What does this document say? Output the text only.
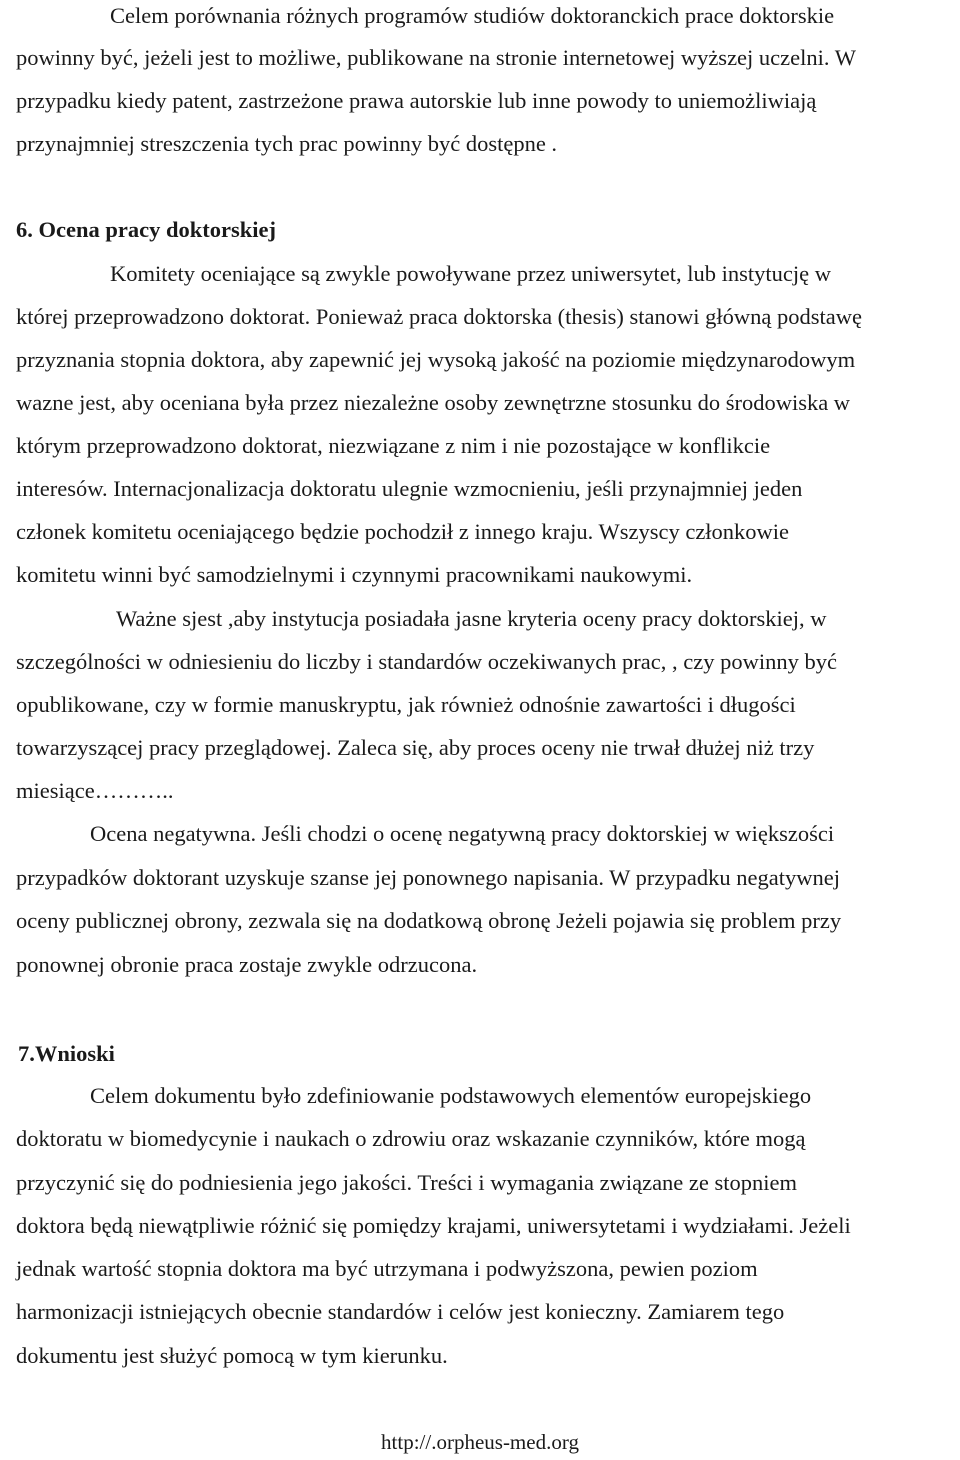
Celem porównania różnych programów studiów doktoranckich prace doktorskie
powinny być, jeżeli jest to możliwe, publikowane na stronie internetowej wyższej uczelni. W
przypadku kiedy patent, zastrzeżone prawa autorskie lub inne powody to uniemożliwiają
przynajmniej streszczenia tych prac powinny być dostępne .
6. Ocena pracy doktorskiej
Komitety oceniające są zwykle powoływane przez uniwersytet, lub instytucję w
której przeprowadzono doktorat. Ponieważ praca doktorska (thesis) stanowi główną podstawę
przyznania stopnia doktora, aby zapewnić jej wysoką jakość na poziomie międzynarodowym
wazne jest, aby oceniana była przez niezależne osoby zewnętrzne stosunku do środowiska w
którym przeprowadzono doktorat, niezwiązane z nim i nie pozostające w konflikcie
interesów. Internacjonalizacja doktoratu ulegnie wzmocnieniu, jeśli przynajmniej jeden
członek komitetu oceniającego będzie pochodził z innego kraju. Wszyscy członkowie
komitetu winni być samodzielnymi i czynnymi pracownikami naukowymi.
Ważne sjest ,aby instytucja posiadała jasne kryteria oceny pracy doktorskiej, w
szczególności w odniesieniu do liczby i standardów oczekiwanych prac, , czy powinny być
opublikowane, czy w formie manuskryptu, jak również odnośnie zawartości i długości
towarzyszącej pracy przeglądowej. Zaleca się, aby proces oceny nie trwał dłużej niż trzy
miesiące………..
Ocena negatywna. Jeśli chodzi o ocenę negatywną pracy doktorskiej w większości
przypadków doktorant uzyskuje szanse jej ponownego napisania. W przypadku negatywnej
oceny publicznej obrony, zezwala się na dodatkową obronę Jeżeli pojawia się problem przy
ponownej obronie praca zostaje zwykle odrzucona.
7.Wnioski
Celem dokumentu było zdefiniowanie podstawowych elementów europejskiego
doktoratu w biomedycynie i naukach o zdrowiu oraz wskazanie czynników, które mogą
przyczynić się do podniesienia jego jakości. Treści i wymagania związane ze stopniem
doktora będą niewątpliwie różnić się pomiędzy krajami, uniwersytetami i wydziałami. Jeżeli
jednak wartość stopnia doktora ma być utrzymana i podwyższona, pewien poziom
harmonizacji istniejących obecnie standardów i celów jest konieczny. Zamiarem tego
dokumentu jest służyć pomocą w tym kierunku.
http://.orpheus-med.org
